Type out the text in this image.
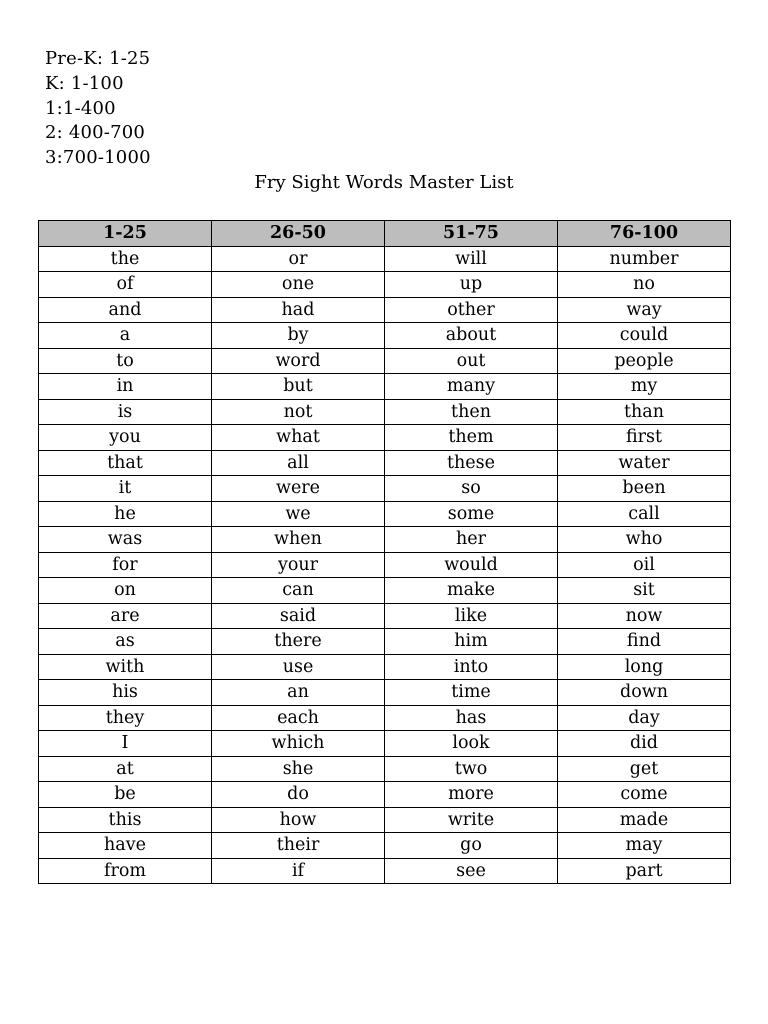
Pre-K: 1-25
K: 1-100
1:1-400
2: 400-700
3:700-1000
Fry Sight Words Master List
1-25	26-50	51-75	76-100
the	or	will	number
of	one	up	no
and	had	other	way
a	by	about	could
to	word	out	people
in	but	many	my
is	not	then	than
you	what	them	first
that	all	these	water
it	were	so	been
he	we	some	call
was	when	her	who
for	your	would	oil
on	can	make	sit
are	said	like	now
as	there	him	find
with	use	into	long
his	an	time	down
they	each	has	day
I	which	look	did
at	she	two	get
be	do	more	come
this	how	write	made
have	their	go	may
from	if	see	part
